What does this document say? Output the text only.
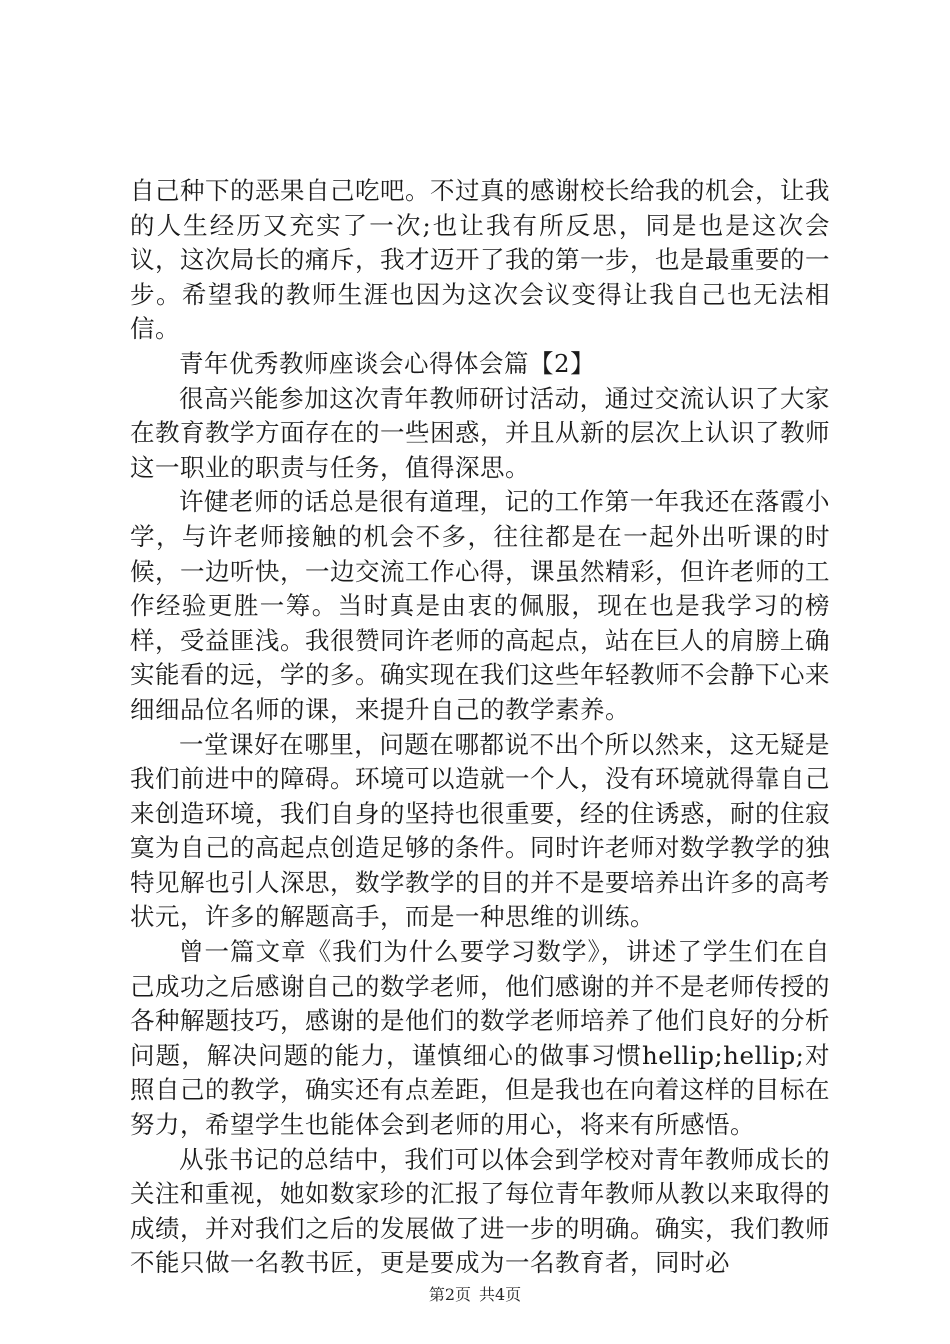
自己种下的恶果自己吃吧。不过真的感谢校长给我的机会，让我的人生经历又充实了一次;也让我有所反思，同是也是这次会议，这次局长的痛斥，我才迈开了我的第一步，也是最重要的一步。希望我的教师生涯也因为这次会议变得让我自己也无法相信。

青年优秀教师座谈会心得体会篇【2】

很高兴能参加这次青年教师研讨活动，通过交流认识了大家在教育教学方面存在的一些困惑，并且从新的层次上认识了教师这一职业的职责与任务，值得深思。

许健老师的话总是很有道理，记的工作第一年我还在落霞小学，与许老师接触的机会不多，往往都是在一起外出听课的时候，一边听快，一边交流工作心得，课虽然精彩，但许老师的工作经验更胜一筹。当时真是由衷的佩服，现在也是我学习的榜样，受益匪浅。我很赞同许老师的高起点，站在巨人的肩膀上确实能看的远，学的多。确实现在我们这些年轻教师不会静下心来细细品位名师的课，来提升自己的教学素养。

一堂课好在哪里，问题在哪都说不出个所以然来，这无疑是我们前进中的障碍。环境可以造就一个人，没有环境就得靠自己来创造环境，我们自身的坚持也很重要，经的住诱惑，耐的住寂寞为自己的高起点创造足够的条件。同时许老师对数学教学的独特见解也引人深思，数学教学的目的并不是要培养出许多的高考状元，许多的解题高手，而是一种思维的训练。

曾一篇文章《我们为什么要学习数学》，讲述了学生们在自己成功之后感谢自己的数学老师，他们感谢的并不是老师传授的各种解题技巧，感谢的是他们的数学老师培养了他们良好的分析问题，解决问题的能力，谨慎细心的做事习惯hellip;hellip;对照自己的教学，确实还有点差距，但是我也在向着这样的目标在努力，希望学生也能体会到老师的用心，将来有所感悟。

从张书记的总结中，我们可以体会到学校对青年教师成长的关注和重视，她如数家珍的汇报了每位青年教师从教以来取得的成绩，并对我们之后的发展做了进一步的明确。确实，我们教师不能只做一名教书匠，更是要成为一名教育者，同时必

第2页 共4页
